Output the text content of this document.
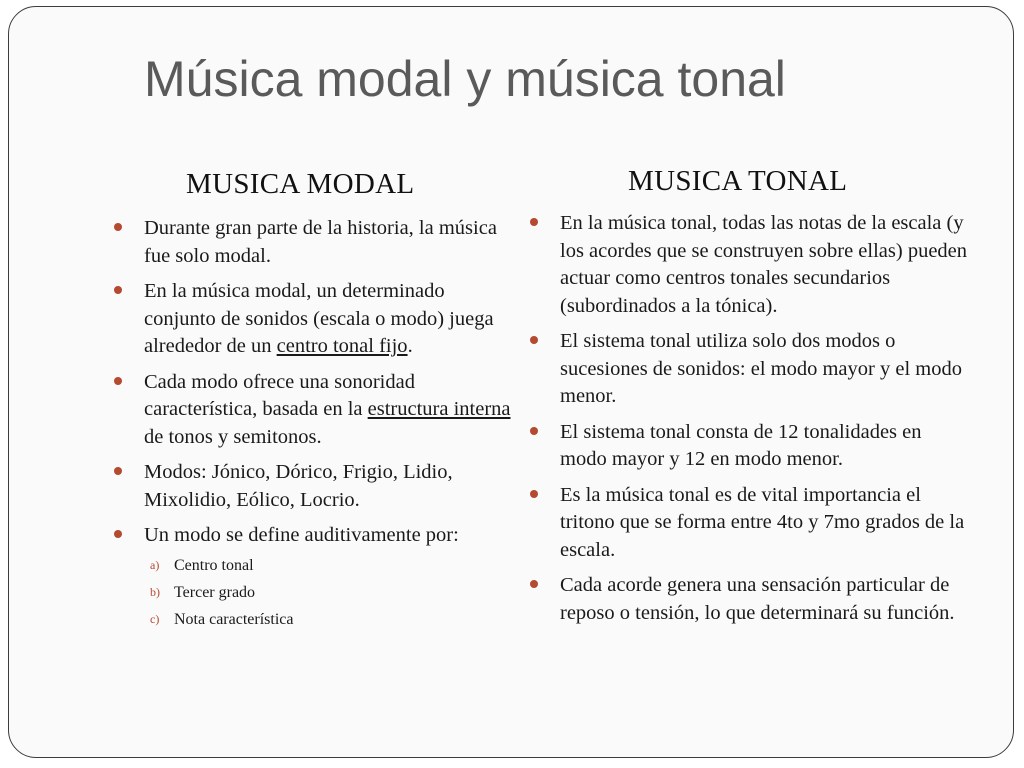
Música modal y música tonal
MUSICA MODAL	MUSICA TONAL
Durante gran parte de la historia, la música fue solo modal.
En la música modal, un determinado conjunto de sonidos (escala o modo) juega alrededor de un centro tonal fijo.
Cada modo ofrece una sonoridad característica, basada en la estructura interna de tonos y semitonos.
Modos: Jónico, Dórico, Frigio, Lidio, Mixolidio, Eólico, Locrio.
Un modo se define auditivamente por:
a) Centro tonal
b) Tercer grado
c) Nota característica
En la música tonal, todas las notas de la escala (y los acordes que se construyen sobre ellas) pueden actuar como centros tonales secundarios (subordinados a la tónica).
El sistema tonal utiliza solo dos modos o sucesiones de sonidos: el modo mayor y el modo menor.
El sistema tonal consta de 12 tonalidades en modo mayor y 12 en modo menor.
Es la música tonal es de vital importancia el tritono que se forma entre 4to y 7mo grados de la escala.
Cada acorde genera una sensación particular de reposo o tensión, lo que determinará su función.
